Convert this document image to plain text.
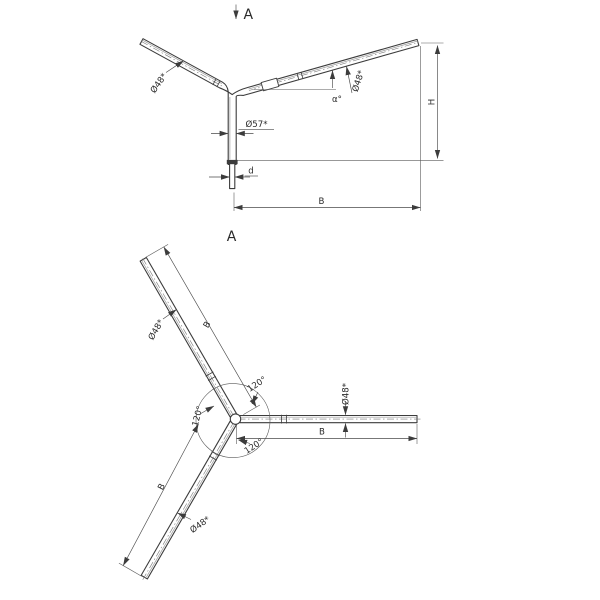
A
α°
Ø48*	Ø48*
Ø57*
d
H
B
A
120°
120°
120°
Ø48*
B
B
Ø48*
B
Ø48*
